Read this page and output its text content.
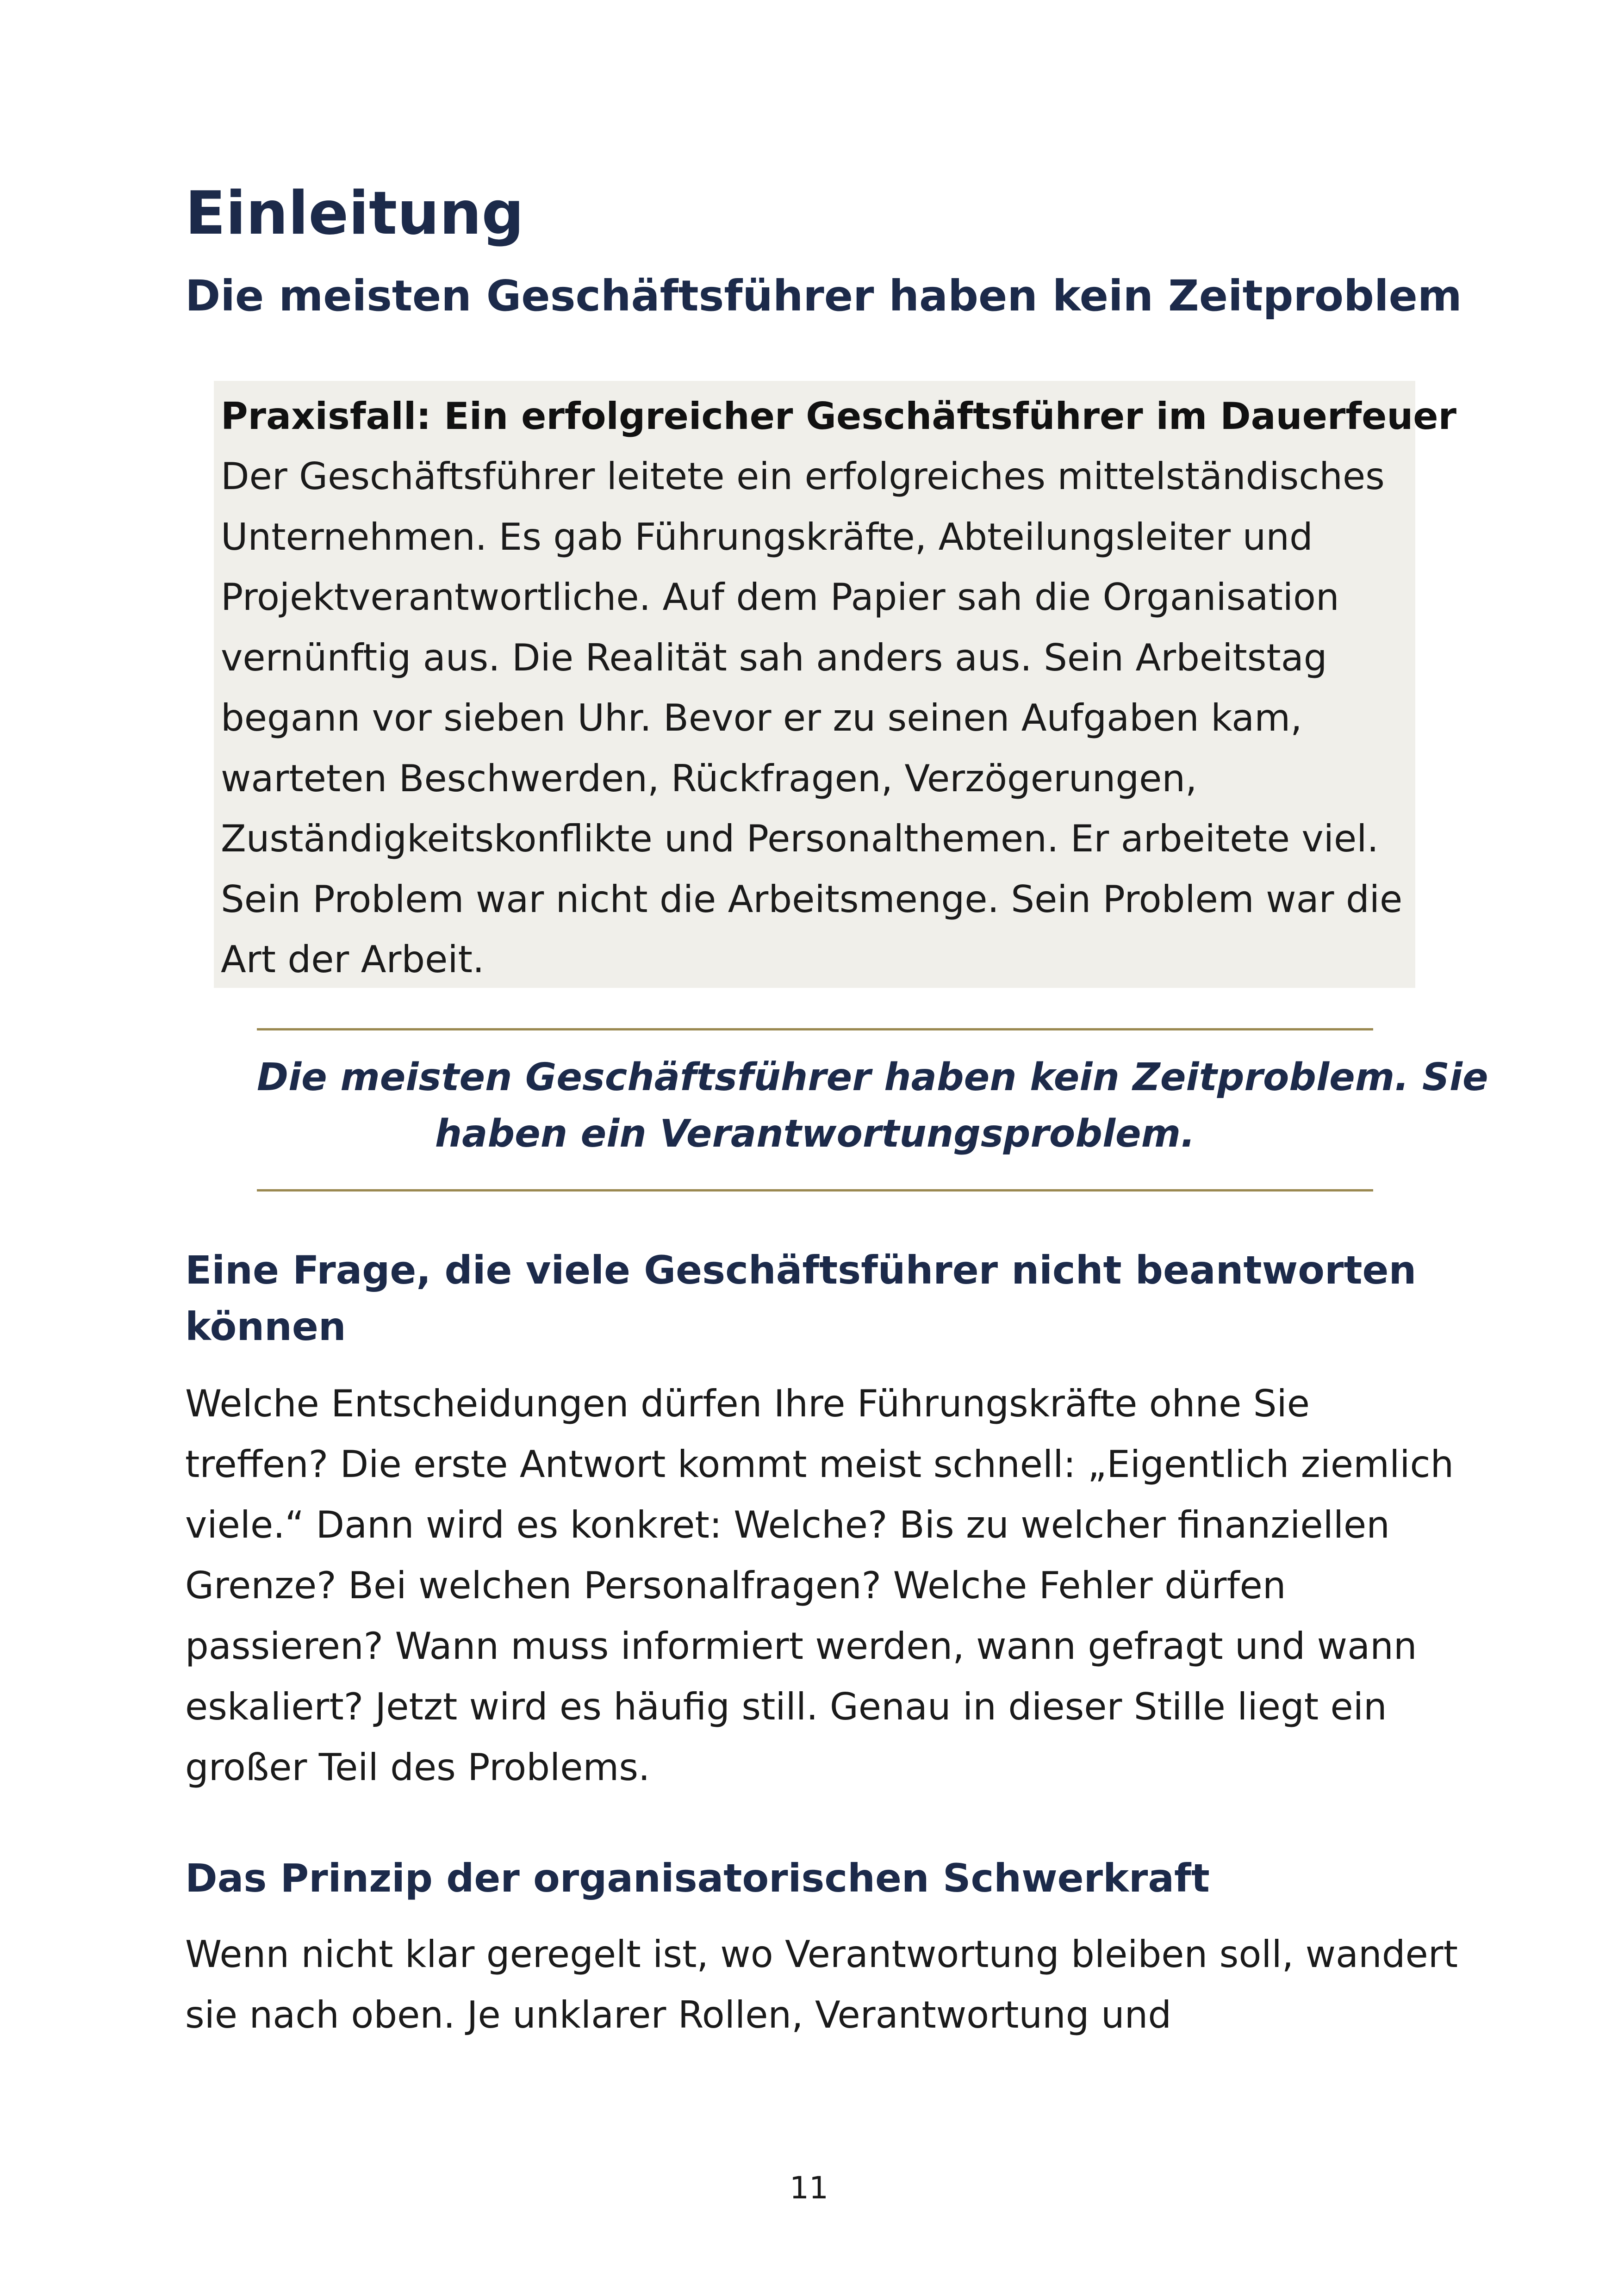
Einleitung
Die meisten Geschäftsführer haben kein Zeitproblem
Praxisfall: Ein erfolgreicher Geschäftsführer im Dauerfeuer
Der Geschäftsführer leitete ein erfolgreiches mittelständisches
Unternehmen. Es gab Führungskräfte, Abteilungsleiter und
Projektverantwortliche. Auf dem Papier sah die Organisation
vernünftig aus. Die Realität sah anders aus. Sein Arbeitstag
begann vor sieben Uhr. Bevor er zu seinen Aufgaben kam,
warteten Beschwerden, Rückfragen, Verzögerungen,
Zuständigkeitskonflikte und Personalthemen. Er arbeitete viel.
Sein Problem war nicht die Arbeitsmenge. Sein Problem war die
Art der Arbeit.
Die meisten Geschäftsführer haben kein Zeitproblem. Sie
haben ein Verantwortungsproblem.
Eine Frage, die viele Geschäftsführer nicht beantworten
können
Welche Entscheidungen dürfen Ihre Führungskräfte ohne Sie
treffen? Die erste Antwort kommt meist schnell: „Eigentlich ziemlich
viele.“ Dann wird es konkret: Welche? Bis zu welcher finanziellen
Grenze? Bei welchen Personalfragen? Welche Fehler dürfen
passieren? Wann muss informiert werden, wann gefragt und wann
eskaliert? Jetzt wird es häufig still. Genau in dieser Stille liegt ein
großer Teil des Problems.
Das Prinzip der organisatorischen Schwerkraft
Wenn nicht klar geregelt ist, wo Verantwortung bleiben soll, wandert
sie nach oben. Je unklarer Rollen, Verantwortung und
11
